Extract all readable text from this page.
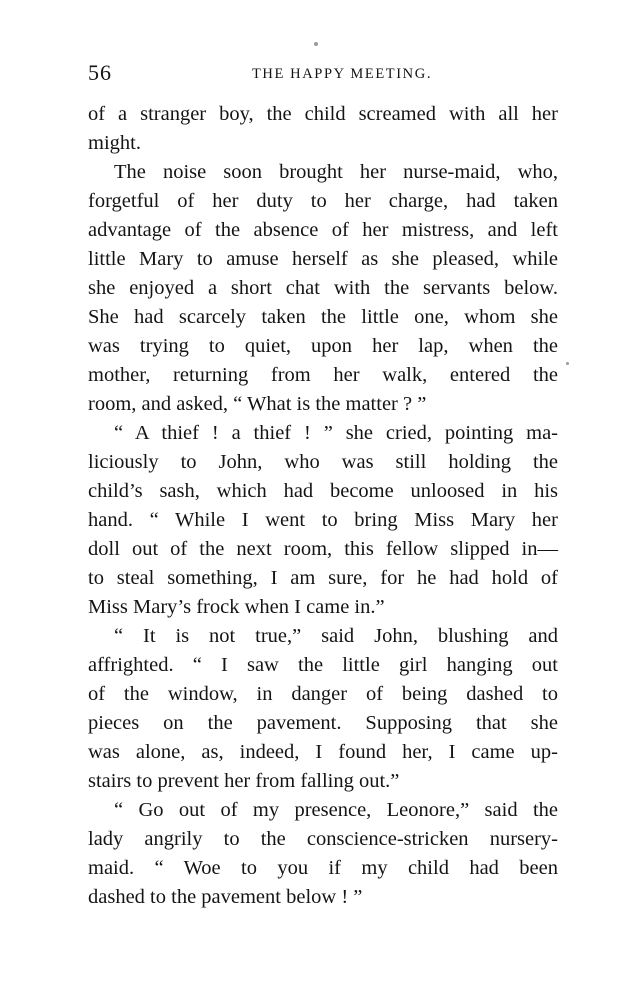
56	THE HAPPY MEETING.
of a stranger boy, the child screamed with all her
might.
The noise soon brought her nurse-maid, who,
forgetful of her duty to her charge, had taken
advantage of the absence of her mistress, and left
little Mary to amuse herself as she pleased, while
she enjoyed a short chat with the servants below.
She had scarcely taken the little one, whom she
was trying to quiet, upon her lap, when the
mother, returning from her walk, entered the
room, and asked, “ What is the matter ? ”
“ A thief ! a thief ! ” she cried, pointing ma-
liciously to John, who was still holding the
child’s sash, which had become unloosed in his
hand. “ While I went to bring Miss Mary her
doll out of the next room, this fellow slipped in—
to steal something, I am sure, for he had hold of
Miss Mary’s frock when I came in.”
“ It is not true,” said John, blushing and
affrighted. “ I saw the little girl hanging out
of the window, in danger of being dashed to
pieces on the pavement. Supposing that she
was alone, as, indeed, I found her, I came up-
stairs to prevent her from falling out.”
“ Go out of my presence, Leonore,” said the
lady angrily to the conscience-stricken nursery-
maid. “ Woe to you if my child had been
dashed to the pavement below ! ”
